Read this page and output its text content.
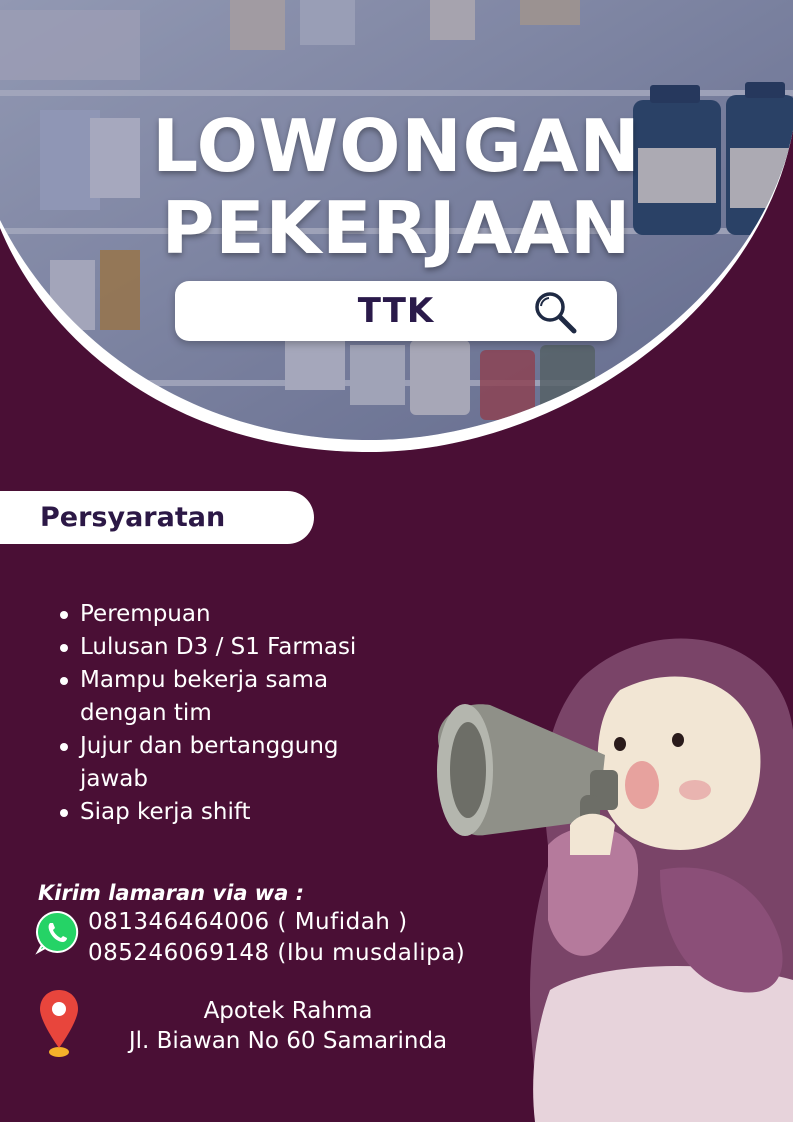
LOWONGAN
PEKERJAAN
TTK
Persyaratan
Perempuan
Lulusan D3 / S1 Farmasi
Mampu bekerja sama dengan tim
Jujur dan bertanggung jawab
Siap kerja shift
Kirim lamaran via wa :
081346464006 ( Mufidah )
085246069148 (Ibu musdalipa)
Apotek Rahma
Jl. Biawan No 60 Samarinda
